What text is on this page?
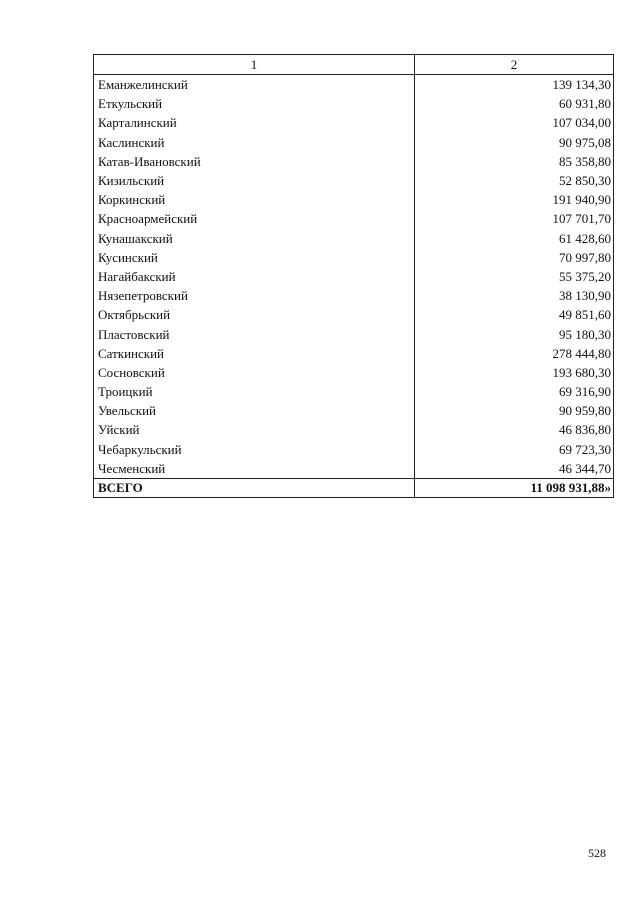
1	2
Еманжелинский	139 134,30
Еткульский	60 931,80
Карталинский	107 034,00
Каслинский	90 975,08
Катав-Ивановский	85 358,80
Кизильский	52 850,30
Коркинский	191 940,90
Красноармейский	107 701,70
Кунашакский	61 428,60
Кусинский	70 997,80
Нагайбакский	55 375,20
Нязепетровский	38 130,90
Октябрьский	49 851,60
Пластовский	95 180,30
Саткинский	278 444,80
Сосновский	193 680,30
Троицкий	69 316,90
Увельский	90 959,80
Уйский	46 836,80
Чебаркульский	69 723,30
Чесменский	46 344,70
ВСЕГО	11 098 931,88»
528
